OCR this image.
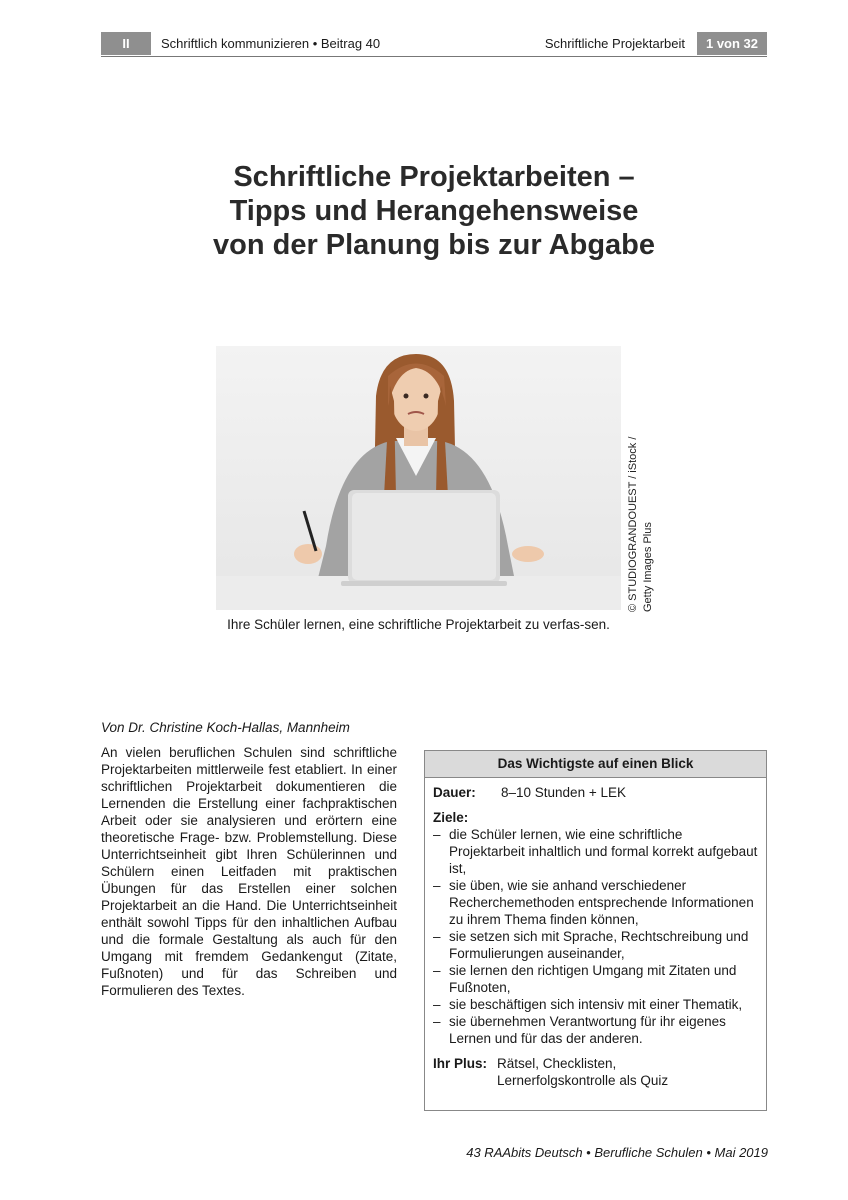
II	Schriftlich kommunizieren • Beitrag 40	Schriftliche Projektarbeit	1 von 32
Schriftliche Projektarbeiten –
Tipps und Herangehensweise
von der Planung bis zur Abgabe
© STUDIOGRANDOUEST / iStock / Getty Images Plus
Ihre Schüler lernen, eine schriftliche Projektarbeit zu verfas-sen.
Von Dr. Christine Koch-Hallas, Mannheim
An vielen beruflichen Schulen sind schriftliche Projektarbeiten mittlerweile fest etabliert. In einer schriftlichen Projektarbeit dokumentieren die Lernenden die Erstellung einer fachpraktischen Arbeit oder sie analysieren und erörtern eine theoretische Frage- bzw. Problemstellung. Diese Unterrichtseinheit gibt Ihren Schülerinnen und Schülern einen Leitfaden mit praktischen Übungen für das Erstellen einer solchen Projektarbeit an die Hand. Die Unterrichtseinheit enthält sowohl Tipps für den inhaltlichen Aufbau und die formale Gestaltung als auch für den Umgang mit fremdem Gedankengut (Zitate, Fußnoten) und für das Schreiben und Formulieren des Textes.
Das Wichtigste auf einen Blick
Dauer:	8–10 Stunden + LEK
Ziele:
– die Schüler lernen, wie eine schriftliche Projektarbeit inhaltlich und formal korrekt aufgebaut ist,
– sie üben, wie sie anhand verschiedener Recherchemethoden entsprechende Informationen zu ihrem Thema finden können,
– sie setzen sich mit Sprache, Rechtschreibung und Formulierungen auseinander,
– sie lernen den richtigen Umgang mit Zitaten und Fußnoten,
– sie beschäftigen sich intensiv mit einer Thematik,
– sie übernehmen Verantwortung für ihr eigenes Lernen und für das der anderen.
Ihr Plus: Rätsel, Checklisten,
Lernerfolgskontrolle als Quiz
43 RAAbits Deutsch • Berufliche Schulen • Mai 2019
